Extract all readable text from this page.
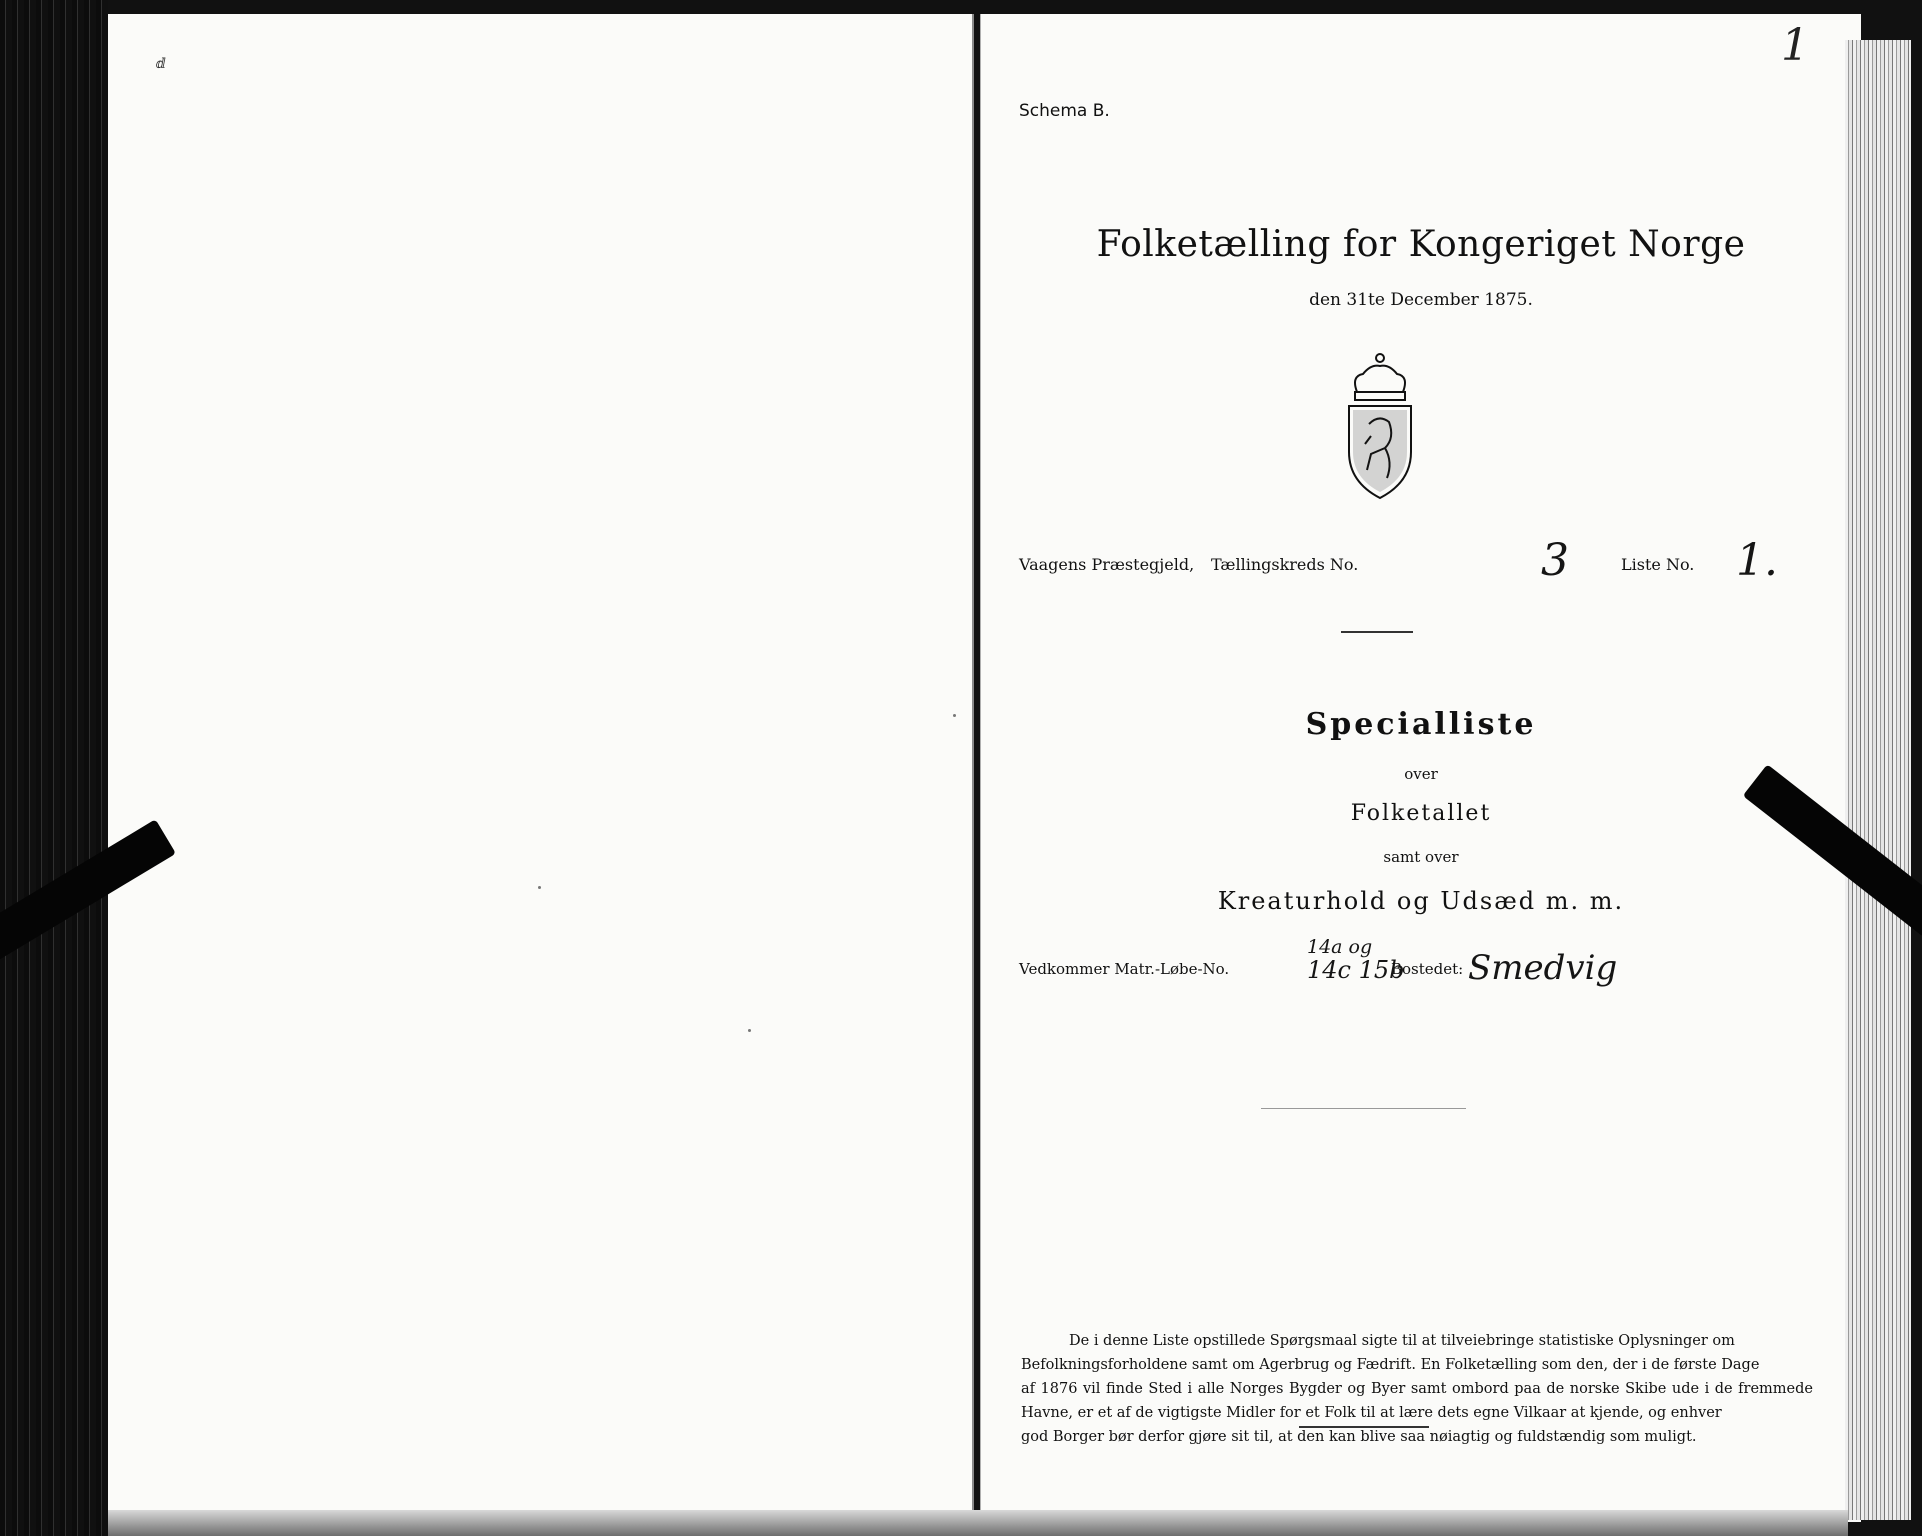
ⅆ	1
Schema B.
Folketælling for Kongeriget Norge
den 31te December 1875.
Vaagens Præstegjeld, Tællingskreds No.	3	Liste No. 1.
Specialliste
over
Folketallet
samt over
Kreaturhold og Udsæd m. m.
Vedkommer Matr.-Løbe-No.
14a og
14c 15b
Bostedet: Smedvig
De i denne Liste opstillede Spørgsmaal sigte til at tilveiebringe statistiske Oplysninger om
Befolkningsforholdene samt om Agerbrug og Fædrift. En Folketælling som den, der i de første Dage
af 1876 vil finde Sted i alle Norges Bygder og Byer samt ombord paa de norske Skibe ude i de fremmede Havne, er et af de vigtigste Midler for et Folk til at lære dets egne Vilkaar at kjende, og enhver
god Borger bør derfor gjøre sit til, at den kan blive saa nøiagtig og fuldstændig som muligt.
